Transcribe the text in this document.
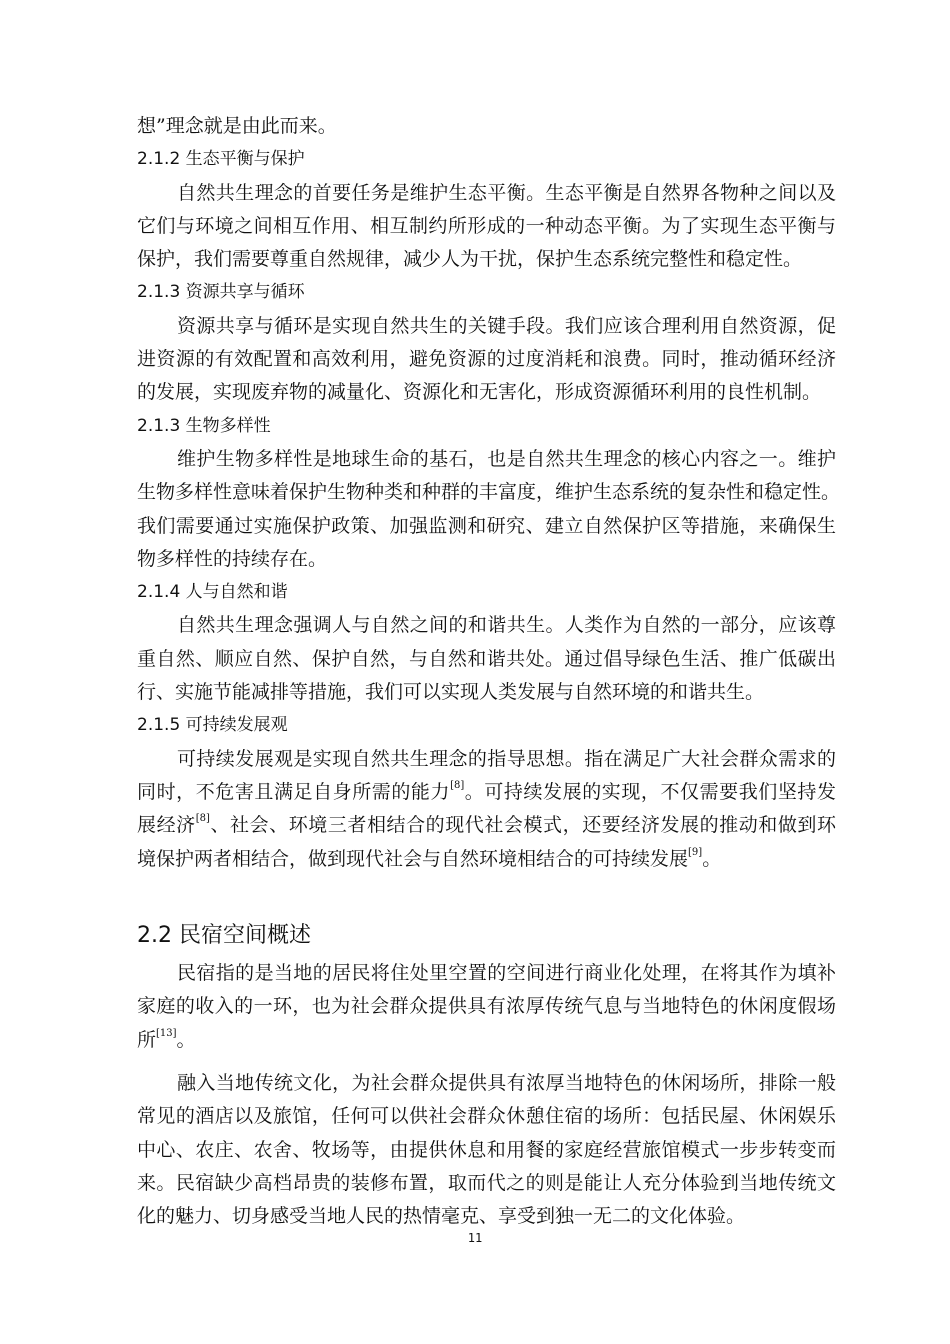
想”理念就是由此而来。
2.1.2 生态平衡与保护
自然共生理念的首要任务是维护生态平衡。生态平衡是自然界各物种之间以及
它们与环境之间相互作用、相互制约所形成的一种动态平衡。为了实现生态平衡与
保护，我们需要尊重自然规律，减少人为干扰，保护生态系统完整性和稳定性。
2.1.3 资源共享与循环
资源共享与循环是实现自然共生的关键手段。我们应该合理利用自然资源，促
进资源的有效配置和高效利用，避免资源的过度消耗和浪费。同时，推动循环经济
的发展，实现废弃物的减量化、资源化和无害化，形成资源循环利用的良性机制。
2.1.3 生物多样性
维护生物多样性是地球生命的基石，也是自然共生理念的核心内容之一。维护
生物多样性意味着保护生物种类和种群的丰富度，维护生态系统的复杂性和稳定性。
我们需要通过实施保护政策、加强监测和研究、建立自然保护区等措施，来确保生
物多样性的持续存在。
2.1.4 人与自然和谐
自然共生理念强调人与自然之间的和谐共生。人类作为自然的一部分，应该尊
重自然、顺应自然、保护自然，与自然和谐共处。通过倡导绿色生活、推广低碳出
行、实施节能减排等措施，我们可以实现人类发展与自然环境的和谐共生。
2.1.5 可持续发展观
可持续发展观是实现自然共生理念的指导思想。指在满足广大社会群众需求的
同时，不危害且满足自身所需的能力[8]。可持续发展的实现，不仅需要我们坚持发
展经济[8]、社会、环境三者相结合的现代社会模式，还要经济发展的推动和做到环
境保护两者相结合，做到现代社会与自然环境相结合的可持续发展[9]。
2.2 民宿空间概述
民宿指的是当地的居民将住处里空置的空间进行商业化处理，在将其作为填补
家庭的收入的一环，也为社会群众提供具有浓厚传统气息与当地特色的休闲度假场
所[13]。
融入当地传统文化，为社会群众提供具有浓厚当地特色的休闲场所，排除一般
常见的酒店以及旅馆，任何可以供社会群众休憩住宿的场所：包括民屋、休闲娱乐
中心、农庄、农舍、牧场等，由提供休息和用餐的家庭经营旅馆模式一步步转变而
来。民宿缺少高档昂贵的装修布置，取而代之的则是能让人充分体验到当地传统文
化的魅力、切身感受当地人民的热情毫克、享受到独一无二的文化体验。
11
